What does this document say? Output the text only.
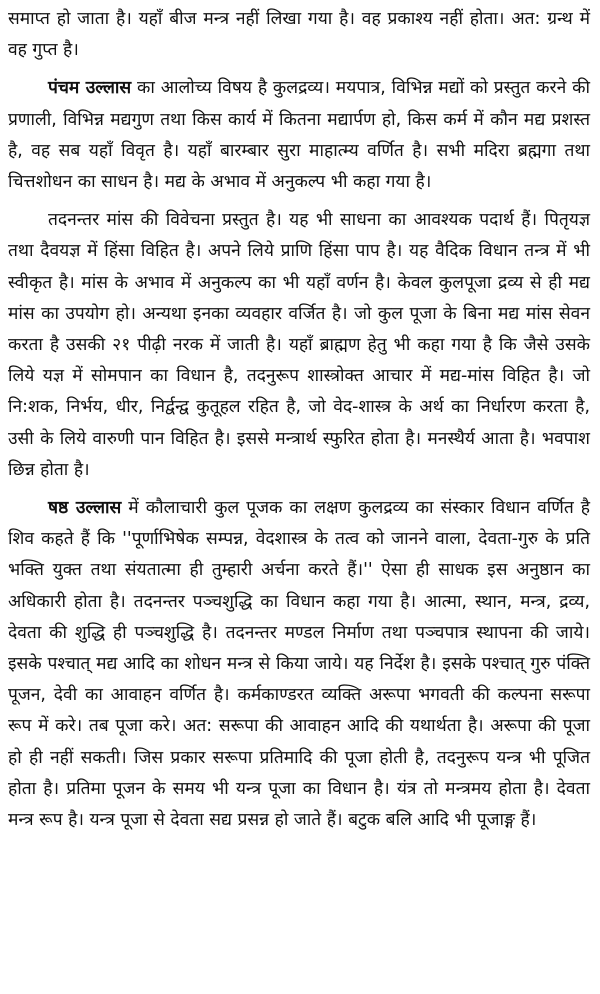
समाप्त हो जाता है। यहाँ बीज मन्त्र नहीं लिखा गया है। वह प्रकाश्य नहीं होता। अत: ग्रन्थ में वह गुप्त है।

पंचम उल्लास का आलोच्य विषय है कुलद्रव्य। मयपात्र, विभिन्न मद्यों को प्रस्तुत करने की प्रणाली, विभिन्न मद्यगुण तथा किस कार्य में कितना मद्यार्पण हो, किस कर्म में कौन मद्य प्रशस्त है, वह सब यहाँ विवृत है। यहाँ बारम्बार सुरा माहात्म्य वर्णित है। सभी मदिरा ब्रह्मगा तथा चित्तशोधन का साधन है। मद्य के अभाव में अनुकल्प भी कहा गया है।

तदनन्तर मांस की विवेचना प्रस्तुत है। यह भी साधना का आवश्यक पदार्थ हैं। पितृयज्ञ तथा दैवयज्ञ में हिंसा विहित है। अपने लिये प्राणि हिंसा पाप है। यह वैदिक विधान तन्त्र में भी स्वीकृत है। मांस के अभाव में अनुकल्प का भी यहाँ वर्णन है। केवल कुलपूजा द्रव्य से ही मद्य मांस का उपयोग हो। अन्यथा इनका व्यवहार वर्जित है। जो कुल पूजा के बिना मद्य मांस सेवन करता है उसकी २१ पीढ़ी नरक में जाती है। यहाँ ब्राह्मण हेतु भी कहा गया है कि जैसे उसके लिये यज्ञ में सोमपान का विधान है, तदनुरूप शास्त्रोक्त आचार में मद्य-मांस विहित है। जो नि:शक, निर्भय, धीर, निर्द्वन्द्व कुतूहल रहित है, जो वेद-शास्त्र के अर्थ का निर्धारण करता है, उसी के लिये वारुणी पान विहित है। इससे मन्त्रार्थ स्फुरित होता है। मनस्थैर्य आता है। भवपाश छिन्न होता है।

षष्ठ उल्लास में कौलाचारी कुल पूजक का लक्षण कुलद्रव्य का संस्कार विधान वर्णित है शिव कहते हैं कि ''पूर्णाभिषेक सम्पन्न, वेदशास्त्र के तत्व को जानने वाला, देवता-गुरु के प्रति भक्ति युक्त तथा संयतात्मा ही तुम्हारी अर्चना करते हैं।'' ऐसा ही साधक इस अनुष्ठान का अधिकारी होता है। तदनन्तर पञ्चशुद्धि का विधान कहा गया है। आत्मा, स्थान, मन्त्र, द्रव्य, देवता की शुद्धि ही पञ्चशुद्धि है। तदनन्तर मण्डल निर्माण तथा पञ्चपात्र स्थापना की जाये। इसके पश्चात् मद्य आदि का शोधन मन्त्र से किया जाये। यह निर्देश है। इसके पश्चात् गुरु पंक्ति पूजन, देवी का आवाहन वर्णित है। कर्मकाण्डरत व्यक्ति अरूपा भगवती की कल्पना सरूपा रूप में करे। तब पूजा करे। अत: सरूपा की आवाहन आदि की यथार्थता है। अरूपा की पूजा हो ही नहीं सकती। जिस प्रकार सरूपा प्रतिमादि की पूजा होती है, तदनुरूप यन्त्र भी पूजित होता है। प्रतिमा पूजन के समय भी यन्त्र पूजा का विधान है। यंत्र तो मन्त्रमय होता है। देवता मन्त्र रूप है। यन्त्र पूजा से देवता सद्य प्रसन्न हो जाते हैं। बटुक बलि आदि भी पूजाङ्ग हैं।
